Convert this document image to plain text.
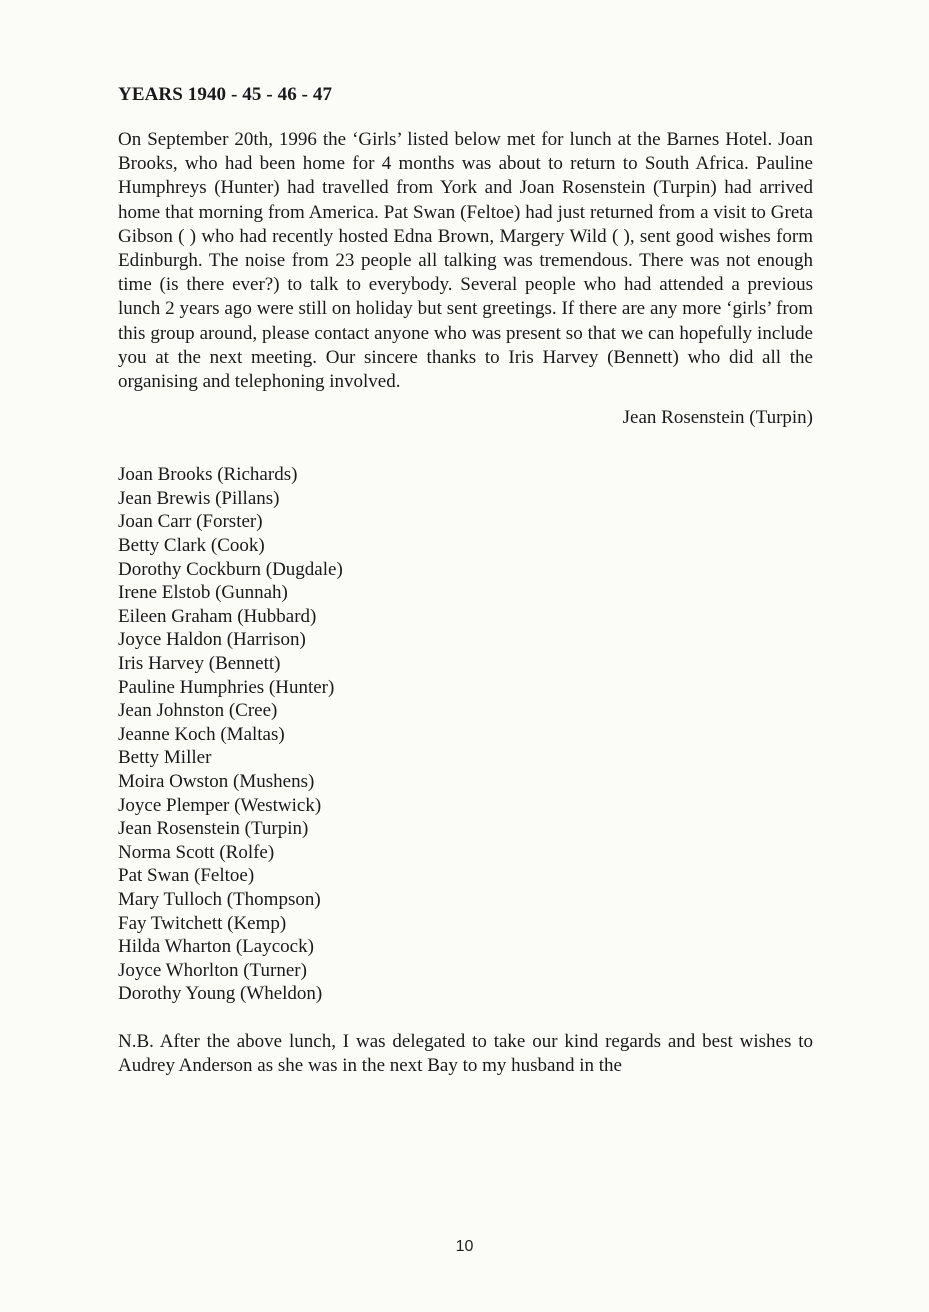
YEARS 1940 - 45 - 46 - 47

On September 20th, 1996 the ‘Girls’ listed below met for lunch at the Barnes Hotel. Joan Brooks, who had been home for 4 months was about to return to South Africa. Pauline Humphreys (Hunter) had travelled from York and Joan Rosenstein (Turpin) had arrived home that morning from America. Pat Swan (Feltoe) had just returned from a visit to Greta Gibson ( ) who had recently hosted Edna Brown, Margery Wild ( ), sent good wishes form Edinburgh. The noise from 23 people all talking was tremendous. There was not enough time (is there ever?) to talk to everybody. Several people who had attended a previous lunch 2 years ago were still on holiday but sent greetings. If there are any more ‘girls’ from this group around, please contact anyone who was present so that we can hopefully include you at the next meeting. Our sincere thanks to Iris Harvey (Bennett) who did all the organising and telephoning involved.

Jean Rosenstein (Turpin)

Joan Brooks (Richards)
Jean Brewis (Pillans)
Joan Carr (Forster)
Betty Clark (Cook)
Dorothy Cockburn (Dugdale)
Irene Elstob (Gunnah)
Eileen Graham (Hubbard)
Joyce Haldon (Harrison)
Iris Harvey (Bennett)
Pauline Humphries (Hunter)
Jean Johnston (Cree)
Jeanne Koch (Maltas)
Betty Miller
Moira Owston (Mushens)
Joyce Plemper (Westwick)
Jean Rosenstein (Turpin)
Norma Scott (Rolfe)
Pat Swan (Feltoe)
Mary Tulloch (Thompson)
Fay Twitchett (Kemp)
Hilda Wharton (Laycock)
Joyce Whorlton (Turner)
Dorothy Young (Wheldon)

N.B. After the above lunch, I was delegated to take our kind regards and best wishes to Audrey Anderson as she was in the next Bay to my husband in the

10
